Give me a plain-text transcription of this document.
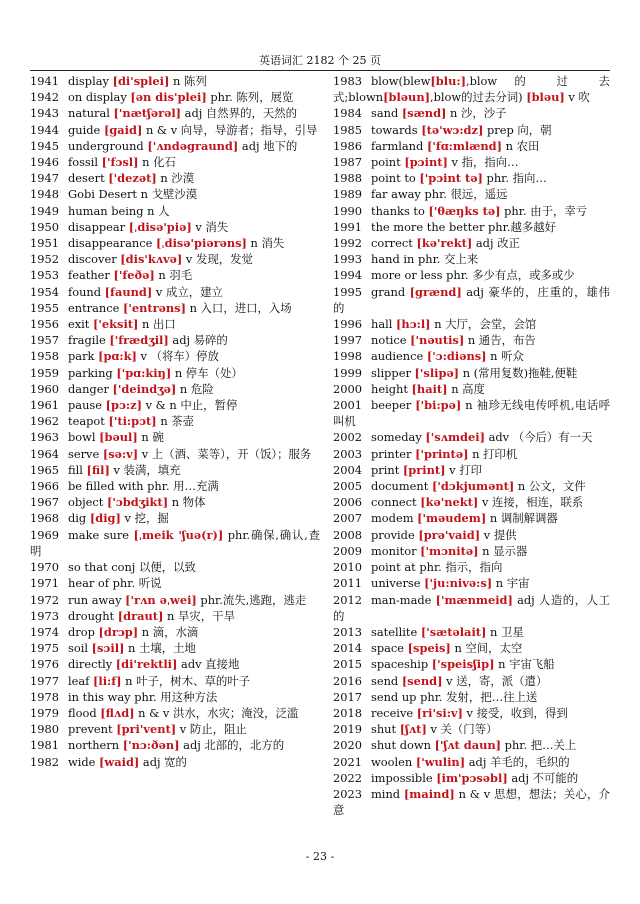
英语词汇 2182 个 25 页
1941 display [di'splei] n 陈列
1942 on display [ən dis'plei] phr. 陈列，展览
1943 natural ['nætʃərəl] adj 自然界的，天然的
1944 guide [gaid] n & v 向导，导游者；指导，引导
1945 underground ['ʌndəgraund] adj 地下的
1946 fossil ['fɔsl] n 化石
1947 desert ['dezət] n 沙漠
1948 Gobi Desert n 戈壁沙漠
1949 human being n 人
1950 disappear [ˌdisə'piə] v 消失
1951 disappearance [ˌdisə'piərəns] n 消失
1952 discover [dis'kʌvə] v 发现，发觉
1953 feather ['feðə] n 羽毛
1954 found [faund] v 成立，建立
1955 entrance ['entrəns] n 入口，进口，入场
1956 exit ['eksit] n 出口
1957 fragile ['frædʒil] adj 易碎的
1958 park [pɑ:k] v （将车）停放
1959 parking ['pɑ:kiŋ] n 停车（处）
1960 danger ['deindʒə] n 危险
1961 pause [pɔ:z] v & n 中止，暂停
1962 teapot ['ti:pɔt] n 茶壶
1963 bowl [bəul] n 碗
1964 serve [sə:v] v 上（酒、菜等），开（饭）；服务
1965 fill [fil] v 装满，填充
1966 be filled with phr. 用…充满
1967 object ['ɔbdʒikt] n 物体
1968 dig [dig] v 挖，掘
1969 make sure [ˌmeik 'ʃuə(r)] phr.确保,确认,查明
1970 so that conj 以便，以致
1971 hear of phr. 听说
1972 run away ['rʌn əˌwei] phr.流失,逃跑，逃走
1973 drought [draut] n 旱灾，干旱
1974 drop [drɔp] n 滴，水滴
1975 soil [sɔil] n 土壤，土地
1976 directly [di'rektli] adv 直接地
1977 leaf [li:f] n 叶子，树木、草的叶子
1978 in this way phr. 用这种方法
1979 flood [flʌd] n & v 洪水，水灾；淹没，泛滥
1980 prevent [pri'vent] v 防止，阻止
1981 northern ['nɔ:ðən] adj 北部的，北方的
1982 wide [waid] adj 宽的
1983 blow(blew[blu:],blow 的 过 去式;blown[bləun],blow的过去分词) [bləu] v 吹
1984 sand [sænd] n 沙，沙子
1985 towards [tə'wɔ:dz] prep 向，朝
1986 farmland ['fɑ:mlænd] n 农田
1987 point [pɔint] v 指，指向…
1988 point to ['pɔint tə] phr. 指向…
1989 far away phr. 很远，遥远
1990 thanks to ['θæŋks tə] phr. 由于，幸亏
1991 the more the better phr.越多越好
1992 correct [kə'rekt] adj 改正
1993 hand in phr. 交上来
1994 more or less phr. 多少有点，或多或少
1995 grand [grænd] adj 豪华的，庄重的，雄伟的
1996 hall [hɔ:l] n 大厅，会堂，会馆
1997 notice ['nəutis] n 通告，布告
1998 audience ['ɔ:diəns] n 听众
1999 slipper ['slipə] n (常用复数)拖鞋,便鞋
2000 height [hait] n 高度
2001 beeper ['bi:pə] n 袖珍无线电传呼机,电话呼叫机
2002 someday ['sʌmdei] adv （今后）有一天
2003 printer ['printə] n 打印机
2004 print [print] v 打印
2005 document ['dɔkjumənt] n 公文，文件
2006 connect [kə'nekt] v 连接，相连，联系
2007 modem ['məudem] n 调制解调器
2008 provide [prə'vaid] v 提供
2009 monitor ['mɔnitə] n 显示器
2010 point at phr. 指示，指向
2011 universe ['ju:nivə:s] n 宇宙
2012 man-made ['mænmeid] adj 人造的，人工的
2013 satellite ['sætəlait] n 卫星
2014 space [speis] n 空间，太空
2015 spaceship ['speisʃip] n 宇宙飞船
2016 send [send] v 送，寄，派（遣）
2017 send up phr. 发射，把…往上送
2018 receive [ri'si:v] v 接受，收到，得到
2019 shut [ʃʌt] v 关（门等）
2020 shut down ['ʃʌt daun] phr. 把…关上
2021 woolen ['wulin] adj 羊毛的，毛织的
2022 impossible [im'pɔsəbl] adj 不可能的
2023 mind [maind] n & v 思想，想法；关心，介意
- 23 -
